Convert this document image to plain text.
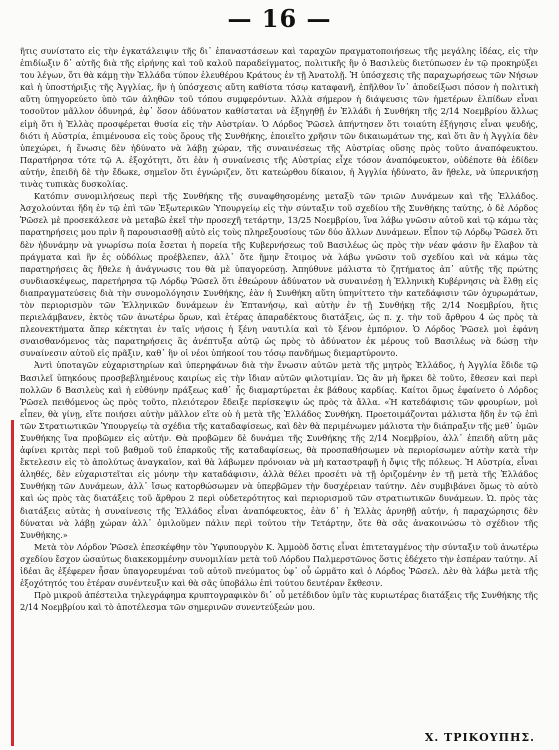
— 16 —

ῆτις συνίστατο εἰς τὴν ἐγκατάλειψιν τῆς δι᾽ ἐπαναστάσεων καὶ ταραχῶν πραγματοποιήσεως τῆς μεγάλης ἰδέας, εἰς τὴν ἐπιδίωξιν δ᾽ αὐτῆς διὰ τῆς εἰρήνης καὶ τοῦ καλοῦ παραδείγματος, πολιτικῆς ἣν ὁ Βασιλεὺς διετύπωσεν ἐν τῷ προκηρύξει του λέγων, ὅτι θὰ κάμῃ τὴν Ἑλλάδα τύπον ἐλευθέρου Κράτους ἐν τῇ Ἀνατολῇ. Ἡ ὑπόσχεσις τῆς παραχωρήσεως τῶν Νήσων καὶ ἡ ὑποστήριξις τῆς Ἀγγλίας, ἣν ἡ ὑπόσχεσις αὕτη καθίστα τόσῳ καταφανῆ, ἐπῆλθον ἵν᾽ ἀποδείξωσι πόσον ἡ πολιτικὴ αὕτη ὑπηγορεύετο ὑπὸ τῶν ἀληθῶν τοῦ τόπου συμφερόντων. Ἀλλὰ σήμερον ἡ διάψευσις τῶν ἡμετέρων ἐλπίδων εἶναι τοσοῦτον μᾶλλον ὀδυνηρά, ἐφ᾽ ὅσον ἀδύνατον καθίσταται νὰ ἐξηγηθῇ ἐν Ἑλλάδι ἡ Συνθήκη τῆς 2/14 Νοεμβρίου ἄλλως εἰμὴ ὅτι ἡ Ἑλλὰς προσφέρεται θυσία εἰς τὴν Αὐστρίαν. Ὁ Λόρδος Ῥῶσελ ἀπήντησεν ὅτι τοιαύτη ἐξήγησις εἶναι ψευδής, διότι ἡ Αὐστρία, ἐπιμένουσα εἰς τοὺς ὅρους τῆς Συνθήκης, ἐποιεῖτο χρῆσιν τῶν δικαιωμάτων της, καὶ ὅτι ἂν ἡ Ἀγγλία δὲν ὑπεχώρει, ἡ ἕνωσις δὲν ἠδύνατο νὰ λάβῃ χώραν, τῆς συναινέσεως τῆς Αὐστρίας οὔσης πρὸς τοῦτο ἀναπόφευκτου. Παρατήρησα τότε τῷ Α. ἐξοχότητι, ὅτι ἐὰν ἡ συναίνεσις τῆς Αὐστρίας εἶχε τόσον ἀναπόφευκτον, οὐδέποτε θὰ ἐδίδεν αὐτήν, ἐπειδὴ δὲ τὴν ἔδωκε, σημεῖον ὅτι ἐγνώριζεν, ὅτι κατεώρθου δίκαιον, ἡ Ἀγγλία ἠδύνατο, ἂν ἤθελε, νὰ ὑπερνικήσῃ τινὰς τυπικὰς δυσκολίας.

Κατόπιν συνομιλήσεως περὶ τῆς Συνθήκης τῆς συναφθησομένης μεταξὺ τῶν τριῶν Δυνάμεων καὶ τῆς Ἑλλάδος. Ἀσχολούνται ἤδη ἐν τῷ ἐπὶ τῶν Ἐξωτερικῶν Ὑπουργείῳ εἰς τὴν σύνταξιν τοῦ σχεδίου τῆς Συνθήκης ταύτης, ὁ δὲ Λόρδος Ῥῶσελ μὲ προσεκάλεσε νὰ μεταβῶ ἐκεῖ τὴν προσεχῆ τετάρτην, 13/25 Νοεμβρίου, ἵνα λάβω γνῶσιν αὐτοῦ καὶ τῷ κάμω τὰς παρατηρήσεις μου πρὶν ἢ παρουσιασθῇ αὐτὸ εἰς τοὺς πληρεξουσίους τῶν δύο ἄλλων Δυνάμεων. Εἶπον τῷ Λόρδῳ Ῥῶσελ ὅτι δὲν ἠδυνάμην νὰ γνωρίσω ποία ἔσεται ἡ πορεία τῆς Κυβερνήσεως τοῦ Βασιλέως ὡς πρὸς τὴν νέαν φάσιν ἣν ἔλαβον τὰ πράγματα καὶ ἣν ἐς οὐδόλως προέβλεπεν, ἀλλ᾽ ὅτε ἤμην ἕτοιμος νὰ λάβω γνῶσιν τοῦ σχεδίου καὶ νὰ κάμω τὰς παρατηρήσεις ἃς ἤθελε ἡ ἀνάγνωσις του θὰ μὲ ὑπαγορεύσῃ. Ἀπηύθυνε μάλιστα τὸ ζητήματος ἀπ᾽ αὐτῆς τῆς πρώτης συνδιασκέψεως, παρετήρησα τῷ Λόρδῳ Ῥῶσελ ὅτι ἐθεώρουν ἀδύνατον νὰ συναινέσῃ ἡ Ἑλληνικὴ Κυβέρνησις νὰ ἔλθῃ εἰς διαπραγματεύσεις διὰ τὴν συνομολόγησιν Συνθήκης, ἐὰν ἡ Συνθήκη αὕτη ὑπηνίττετο τὴν κατεδάφισιν τῶν ὀχυρωμάτων, τὸν περιορισμὸν τῶν Ἑλληνικῶν δυνάμεων ἐν Ἑπτανήσῳ, καὶ αὐτὴν ἐν τῇ Συνθήκῃ τῆς 2/14 Νοεμβρίου, ἥτις περιελάμβανεν, ἐκτὸς τῶν ἀνωτέρω ὅρων, καὶ ἑτέρας ἀπαραδέκτους διατάξεις, ὡς π. χ. τὴν τοῦ ἄρθρου 4 ὡς πρὸς τὰ πλεονεκτήματα ἅπερ κέκτηται ἐν ταῖς νήσοις ἡ ξένη ναυτιλία καὶ τὸ ξένον ἐμπόριον. Ὁ Λόρδος Ῥῶσελ μοὶ ἐφάνη σναισθανόμενος τὰς παρατηρήσεις ἃς ἀνέπτυξα αὐτῷ ὡς πρὸς τὸ ἀδύνατον ἐκ μέρους τοῦ Βασιλέως νὰ δώσῃ τὴν συναίνεσιν αὐτοῦ εἰς πρᾶξιν, καθ᾽ ἣν οἱ νέοι ὑπήκοοί του τόσῳ πανδήμως διεμαρτύροντο.

Ἀντὶ ὑποταγῶν εὐχαριστηρίων καὶ ὑπερηφάνων διὰ τὴν ἕνωσιν αὐτῶν μετὰ τῆς μητρὸς Ἑλλάδος, ἡ Ἀγγλία ἔδιδε τῷ Βασιλεῖ ὑπηκόους προσβεβλημένους καιρίως εἰς τὴν ἴδιαν αὐτῶν φιλοτιμίαν. Ὡς ἂν μὴ ἤρκει δὲ τοῦτο, ἔθεσεν καὶ περὶ πολλῶν δ Βασιλεὺς καὶ ἡ εὐθύνην πράξεως καθ᾽ ἧς διαμαρτύρεται ἐκ βάθους καρδίας. Καίτοι ὅμως ἐφαίνετο ὁ Λόρδος Ῥῶσελ πειθόμενος ὡς πρὸς τοῦτο, πλειότερον ἔδειξε περίσκεψιν ὡς πρὸς τὰ ἄλλα. «Ἡ κατεδάφισις τῶν φρουρίων, μοὶ εἶπεν, θὰ γίνῃ, εἴτε ποιήσει αὐτὴν μᾶλλον εἴτε οὐ ἡ μετὰ τῆς Ἑλλάδος Συνθήκη. Προετοιμάζονται μάλιστα ἤδη ἐν τῷ ἐπὶ τῶν Στρατιωτικῶν Ὑπουργείῳ τὰ σχέδια τῆς καταδαφίσεως, καὶ δὲν θὰ περιμένωμεν μάλιστα τὴν διάπραξιν τῆς μεθ᾽ ὑμῶν Συνθήκης ἵνα προβῶμεν εἰς αὐτήν. Θὰ προβῶμεν δὲ δυνάμει τῆς Συνθήκης τῆς 2/14 Νοεμβρίου, ἀλλ᾽ ἐπειδὴ αὕτη μᾶς ἀφίνει κριτὰς περὶ τοῦ βαθμοῦ τοῦ ἐπαρκοῦς τῆς καταδαφίσεως, θὰ προσπαθήσωμεν νὰ περιορίσωμεν αὐτὴν κατὰ τὴν ἔκτελεσιν εἰς τὸ ἀπολύτως ἀναγκαῖον, καὶ θὰ λάβωμεν πρόνοιαν νὰ μὴ καταστραφῇ ἡ ὄψις τῆς πόλεως. Ἡ Αὐστρία, εἶναι ἀληθές, δὲν εὐχαριστεῖται εἰς μόνην τὴν καταδάφισιν, ἀλλὰ θέλει προσέτι νὰ τῇ ὁριζομένην ἐν τῇ μετὰ τῆς Ἑλλάδος Συνθήκῃ τῶν Δυνάμεων, ἀλλ᾽ ἴσως κατορθώσωμεν νὰ ὑπερβῶμεν τὴν δυσχέρειαν ταύτην. Δὲν συμβιβάνει ὅμως τὸ αὐτὸ καὶ ὡς πρὸς τὰς διατάξεις τοῦ ἄρθρου 2 περὶ οὐδετερότητος καὶ περιορισμοῦ τῶν στρατιωτικῶν δυνάμεων. Ὡ. πρὸς τὰς διατάξεις αὐτὰς ἡ συναίνεσις τῆς Ἑλλάδος εἶναι ἀναπόφευκτος, ἐὰν δ᾽ ἡ Ἑλλὰς ἀρνηθῇ αὐτήν, ἡ παραχώρησις δὲν δύναται νὰ λάβῃ χώραν ἀλλ᾽ ὁμιλοῦμεν πάλιν περὶ τούτου τὴν Τετάρτην, ὅτε θὰ σᾶς ἀνακοινώσω τὸ σχέδιον τῆς Συνθήκης.»

Μετὰ τὸν Λόρδον Ῥῶσελ ἐπεσκέφθην τὸν Ὑφυπουργὸν Κ. Ἁμμοὸδ ὅστις εἶναι ἐπιτεταγμένος τὴν σύνταξιν τοῦ ἀνωτέρω σχεδίου ἔσχον ὡσαύτως διακεκομμένην συνομιλίαν μετὰ τοῦ Λόρδου Παλμερστῶνος ὅστις ἐδέχετο τὴν ἑσπέραν ταύτην. Αἱ ἰδέαι ἃς ἐξέφερεν ἦσαν ὑπαγορευμέναι τοῦ αὐτοῦ πνεύματος ὑφ᾽ οὗ ὡρμᾶτο καὶ ὁ Λόρδος Ῥῶσελ. Δὲν θὰ λάβω μετὰ τῆς ἐξοχότητός του ἑτέραν συνέντευξιν καὶ θὰ σᾶς ὑποβάλω ἐπὶ τούτου δευτέραν ἔκθεσιν.

Πρὸ μικροῦ ἀπέστειλα τηλεγράφημα κρυπτογραφικὸν δι᾽ οὗ μετέδιδον ὑμῖν τὰς κυριωτέρας διατάξεις τῆς Συνθήκης τῆς 2/14 Νοεμβρίου καὶ τὸ ἀποτέλεσμα τῶν σημερινῶν συνεντεύξεών μου.

Χ. ΤΡΙΚΟΥΠΗΣ.
